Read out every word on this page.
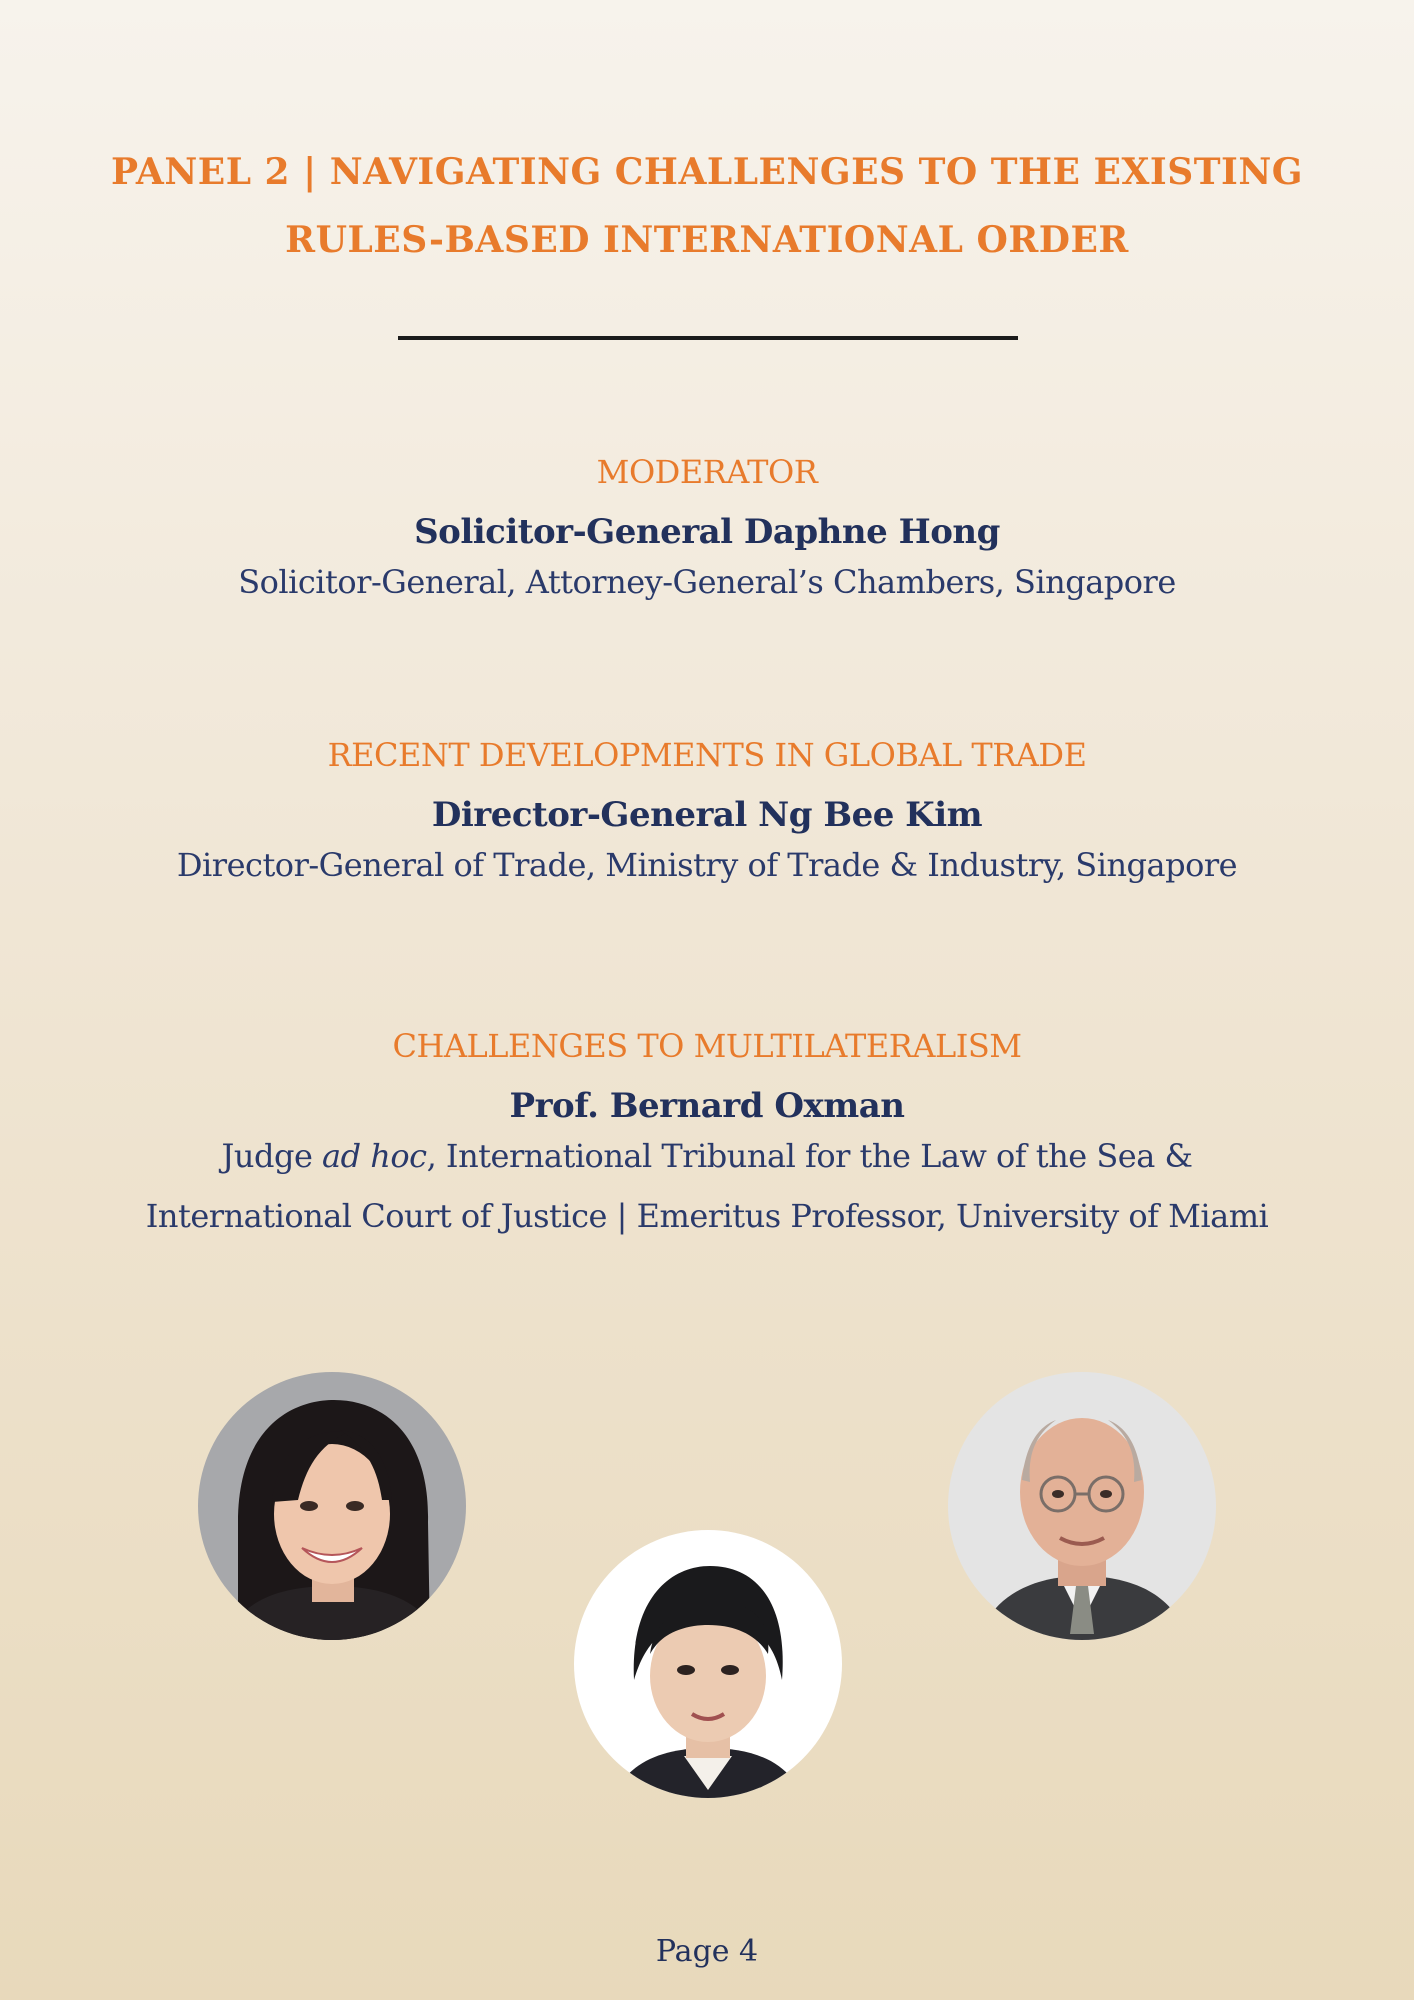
PANEL 2 | NAVIGATING CHALLENGES TO THE EXISTING
RULES-BASED INTERNATIONAL ORDER
MODERATOR
Solicitor-General Daphne Hong
Solicitor-General, Attorney-General’s Chambers, Singapore
RECENT DEVELOPMENTS IN GLOBAL TRADE
Director-General Ng Bee Kim
Director-General of Trade, Ministry of Trade & Industry, Singapore
CHALLENGES TO MULTILATERALISM
Prof. Bernard Oxman
Judge ad hoc, International Tribunal for the Law of the Sea &
International Court of Justice | Emeritus Professor, University of Miami
Page 4
